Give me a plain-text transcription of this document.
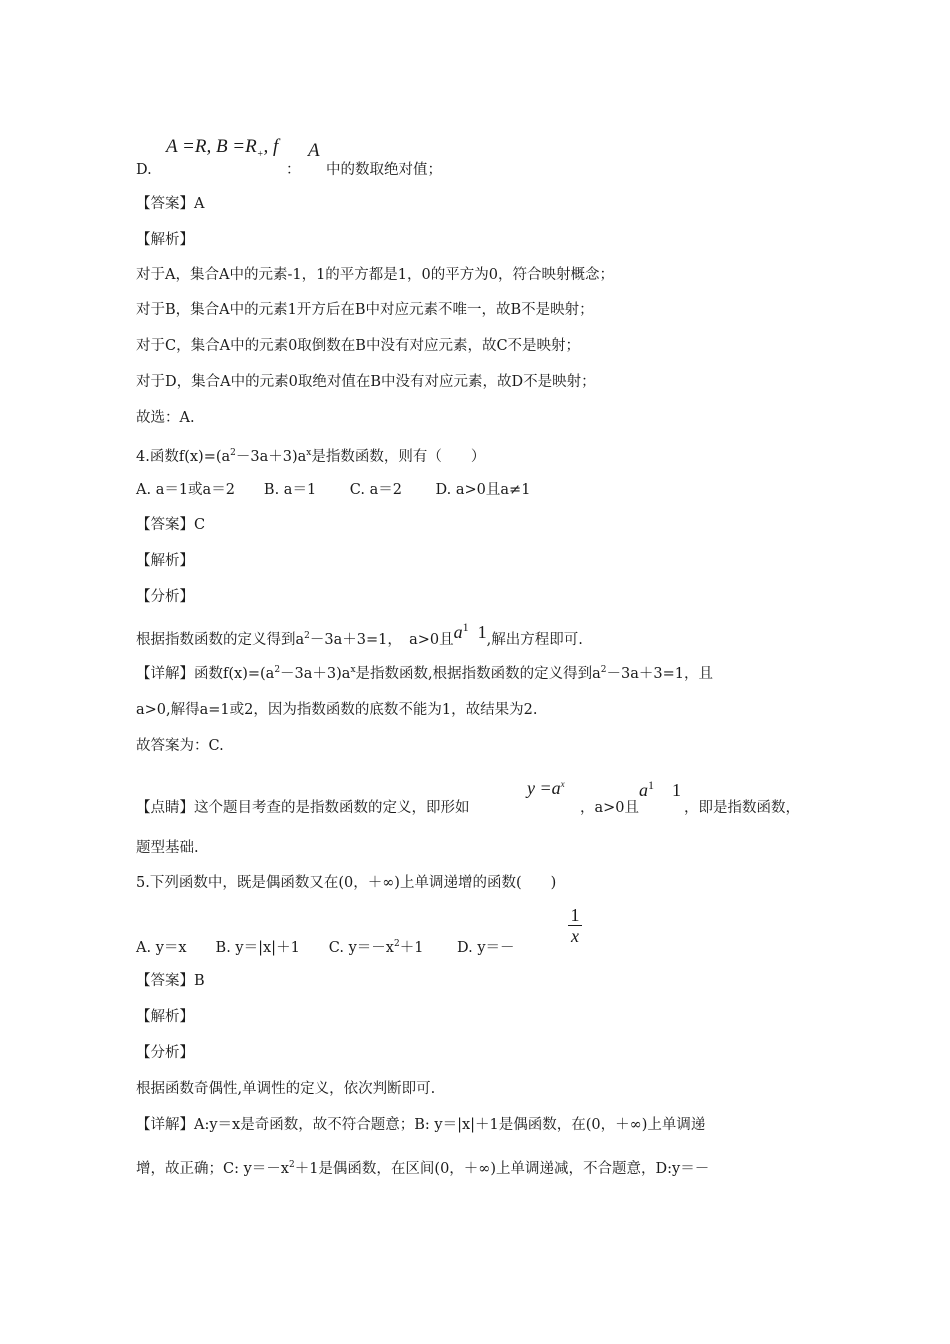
D.
A =R, $B =R_+$, f
：
A
中的数取绝对值；
【答案】A
【解析】
对于A，集合A中的元素-1，1的平方都是1，0的平方为0，符合映射概念；
对于B，集合A中的元素1开方后在B中对应元素不唯一，故B不是映射；
对于C，集合A中的元素0取倒数在B中没有对应元素，故C不是映射；
对于D，集合A中的元素0取绝对值在B中没有对应元素，故D不是映射；
故选：A.
4.函数$f(x)=(a^2-3a+3)a^x$是指数函数，则有（　　）
A. a＝1或a＝2　　B. a＝1　　 C. a＝2　　 D. a>0且a≠1
【答案】C
【解析】
【分析】
根据指数函数的定义得到$a^2-3a+3=1$，　a>0且$a^1$  1,解出方程即可.
【详解】函数$f(x)=(a^2-3a+3)a^x$是指数函数,根据指数函数的定义得到$a^2-3a+3=1$，且
a>0,解得a=1或2，因为指数函数的底数不能为1，故结果为2.
故答案为：C.
【点睛】这个题目考查的是指数函数的定义，即形如
$y =a^x$
，a>0且
$a^1$  1
，即是指数函数，
题型基础.
5.下列函数中，既是偶函数又在(0，＋∞)上单调递增的函数(　　)
A. y＝x　　B. y＝|x|＋1　　C. $y=-x^2+1$　　 D. y＝－
1
x
【答案】B
【解析】
【分析】
根据函数奇偶性,单调性的定义，依次判断即可.
【详解】A:y＝x是奇函数，故不符合题意；B: y＝|x|＋1是偶函数，在(0，＋∞)上单调递
增，故正确；C: $y=-x^2+1$是偶函数，在区间(0，＋∞)上单调递减，不合题意，D:y＝－
